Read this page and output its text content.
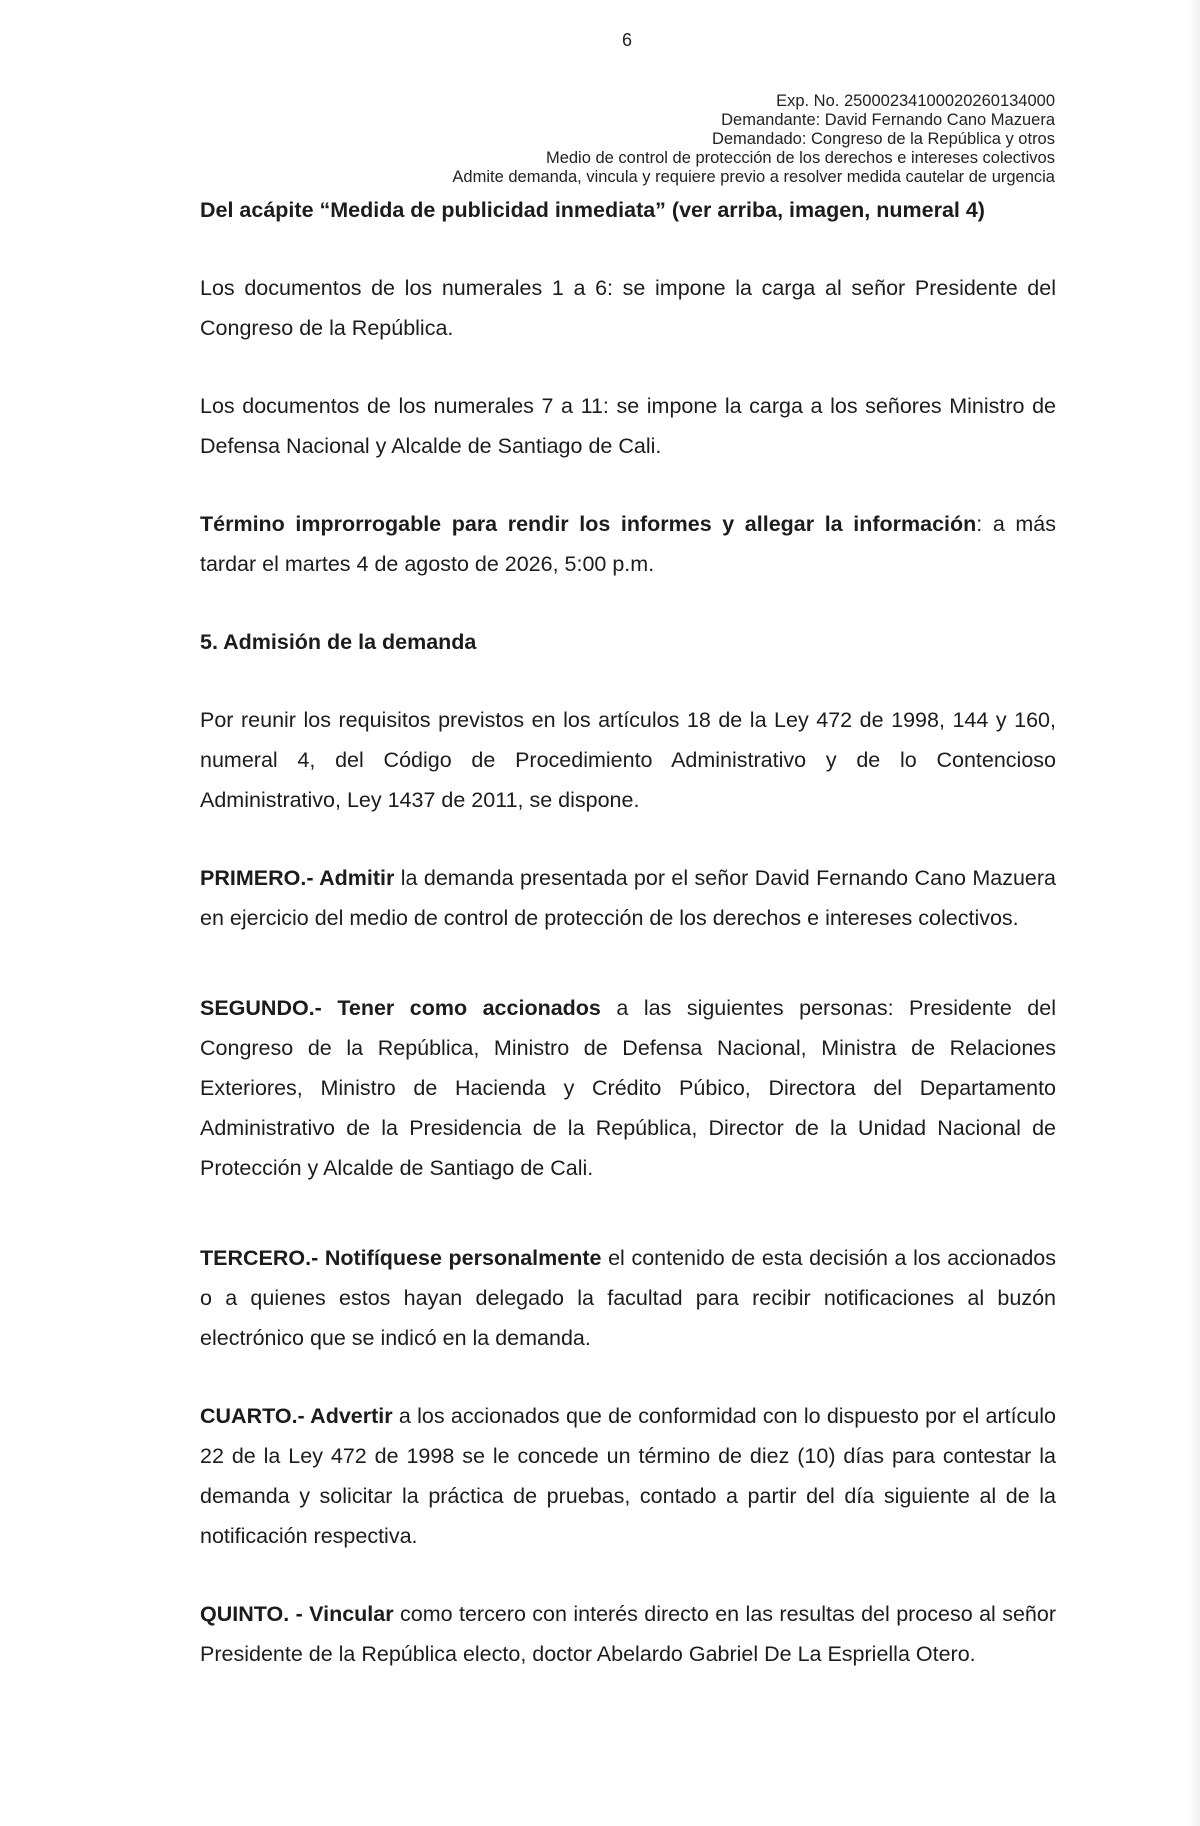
6
Exp. No. 25000234100020260134000
Demandante: David Fernando Cano Mazuera
Demandado: Congreso de la República y otros
Medio de control de protección de los derechos e intereses colectivos
Admite demanda, vincula y requiere previo a resolver medida cautelar de urgencia

Del acápite “Medida de publicidad inmediata” (ver arriba, imagen, numeral 4)

Los documentos de los numerales 1 a 6: se impone la carga al señor Presidente del Congreso de la República.

Los documentos de los numerales 7 a 11: se impone la carga a los señores Ministro de Defensa Nacional y Alcalde de Santiago de Cali.

Término improrrogable para rendir los informes y allegar la información: a más tardar el martes 4 de agosto de 2026, 5:00 p.m.

5. Admisión de la demanda

Por reunir los requisitos previstos en los artículos 18 de la Ley 472 de 1998, 144 y 160, numeral 4, del Código de Procedimiento Administrativo y de lo Contencioso Administrativo, Ley 1437 de 2011, se dispone.

PRIMERO.- Admitir la demanda presentada por el señor David Fernando Cano Mazuera en ejercicio del medio de control de protección de los derechos e intereses colectivos.

SEGUNDO.- Tener como accionados a las siguientes personas: Presidente del Congreso de la República, Ministro de Defensa Nacional, Ministra de Relaciones Exteriores, Ministro de Hacienda y Crédito Púbico, Directora del Departamento Administrativo de la Presidencia de la República, Director de la Unidad Nacional de Protección y Alcalde de Santiago de Cali.

TERCERO.- Notifíquese personalmente el contenido de esta decisión a los accionados o a quienes estos hayan delegado la facultad para recibir notificaciones al buzón electrónico que se indicó en la demanda.

CUARTO.- Advertir a los accionados que de conformidad con lo dispuesto por el artículo 22 de la Ley 472 de 1998 se le concede un término de diez (10) días para contestar la demanda y solicitar la práctica de pruebas, contado a partir del día siguiente al de la notificación respectiva.

QUINTO. - Vincular como tercero con interés directo en las resultas del proceso al señor Presidente de la República electo, doctor Abelardo Gabriel De La Espriella Otero.
